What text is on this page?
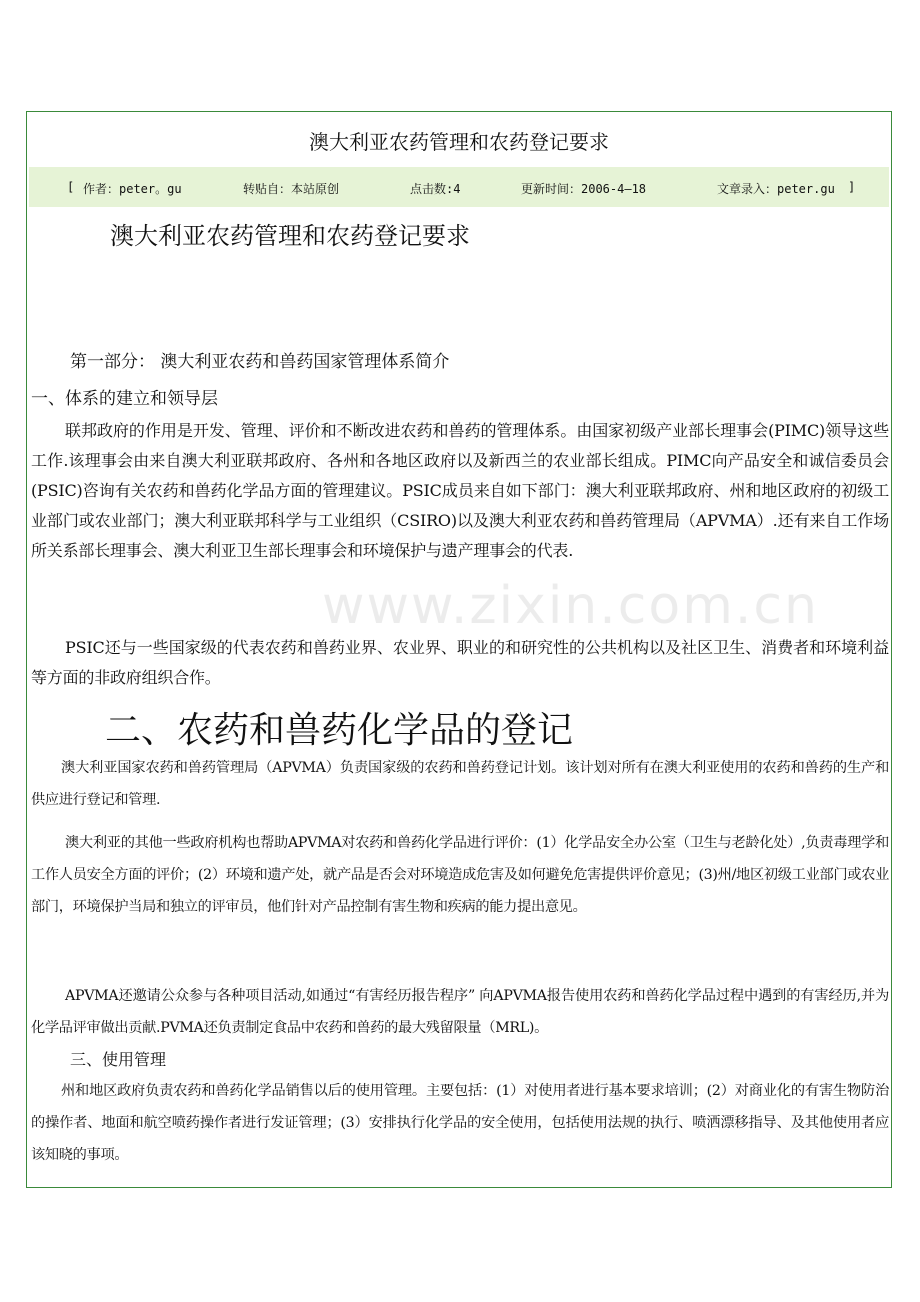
澳大利亚农药管理和农药登记要求
[ 作者：peter。gu	转贴自：本站原创	点击数:4	更新时间：2006-4—18	文章录入：peter.gu ]
澳大利亚农药管理和农药登记要求
第一部分： 澳大利亚农药和兽药国家管理体系简介
一、体系的建立和领导层

联邦政府的作用是开发、管理、评价和不断改进农药和兽药的管理体系。由国家初级产业部长理事会(PIMC)领导这些工作.该理事会由来自澳大利亚联邦政府、各州和各地区政府以及新西兰的农业部长组成。PIMC向产品安全和诚信委员会(PSIC)咨询有关农药和兽药化学品方面的管理建议。PSIC成员来自如下部门：澳大利亚联邦政府、州和地区政府的初级工业部门或农业部门；澳大利亚联邦科学与工业组织（CSIRO)以及澳大利亚农药和兽药管理局（APVMA）.还有来自工作场所关系部长理事会、澳大利亚卫生部长理事会和环境保护与遗产理事会的代表.

PSIC还与一些国家级的代表农药和兽药业界、农业界、职业的和研究性的公共机构以及社区卫生、消费者和环境利益等方面的非政府组织合作。

二、农药和兽药化学品的登记

澳大利亚国家农药和兽药管理局（APVMA）负责国家级的农药和兽药登记计划。该计划对所有在澳大利亚使用的农药和兽药的生产和供应进行登记和管理.

澳大利亚的其他一些政府机构也帮助APVMA对农药和兽药化学品进行评价：(1）化学品安全办公室（卫生与老龄化处）,负责毒理学和工作人员安全方面的评价；(2）环境和遗产处，就产品是否会对环境造成危害及如何避免危害提供评价意见；(3)州/地区初级工业部门或农业部门，环境保护当局和独立的评审员，他们针对产品控制有害生物和疾病的能力提出意见。

APVMA还邀请公众参与各种项目活动,如通过“有害经历报告程序” 向APVMA报告使用农药和兽药化学品过程中遇到的有害经历,并为化学品评审做出贡献.PVMA还负责制定食品中农药和兽药的最大残留限量（MRL)。

三、使用管理

州和地区政府负责农药和兽药化学品销售以后的使用管理。主要包括：(1）对使用者进行基本要求培训；(2）对商业化的有害生物防治的操作者、地面和航空喷药操作者进行发证管理；(3）安排执行化学品的安全使用，包括使用法规的执行、喷洒漂移指导、及其他使用者应该知晓的事项。

www.zixin.com.cn
